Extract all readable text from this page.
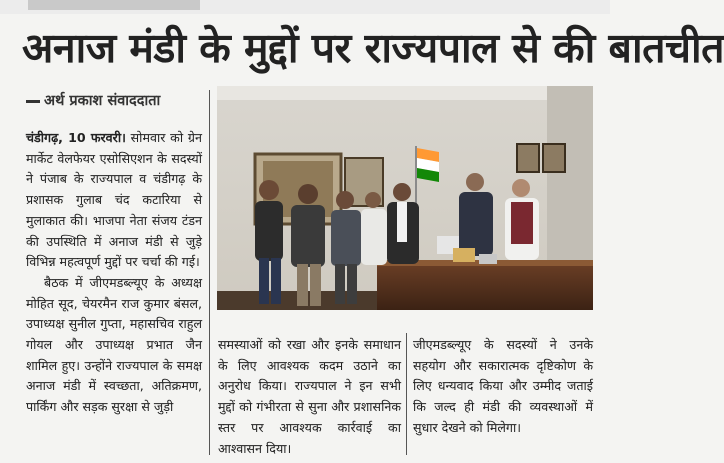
अनाज मंडी के मुद्दों पर राज्यपाल से की बातचीत
अर्थ प्रकाश संवाददाता

चंडीगढ़, 10 फरवरी। सोमवार को ग्रेन मार्केट वेलफेयर एसोसिएशन के सदस्यों ने पंजाब के राज्यपाल व चंडीगढ़ के प्रशासक गुलाब चंद कटारिया से मुलाकात की। भाजपा नेता संजय टंडन की उपस्थिति में अनाज मंडी से जुड़े विभिन्न महत्वपूर्ण मुद्दों पर चर्चा की गई।

बैठक में जीएमडब्ल्यूए के अध्यक्ष मोहित सूद, चेयरमैन राज कुमार बंसल, उपाध्यक्ष सुनील गुप्ता, महासचिव राहुल गोयल और उपाध्यक्ष प्रभात जैन शामिल हुए। उन्होंने राज्यपाल के समक्ष अनाज मंडी में स्वच्छता, अतिक्रमण, पार्किंग और सड़क सुरक्षा से जुड़ी

समस्याओं को रखा और इनके समाधान के लिए आवश्यक कदम उठाने का अनुरोध किया। राज्यपाल ने इन सभी मुद्दों को गंभीरता से सुना और प्रशासनिक स्तर पर आवश्यक कार्रवाई का आश्वासन दिया।

जीएमडब्ल्यूए के सदस्यों ने उनके सहयोग और सकारात्मक दृष्टिकोण के लिए धन्यवाद किया और उम्मीद जताई कि जल्द ही मंडी की व्यवस्थाओं में सुधार देखने को मिलेगा।
